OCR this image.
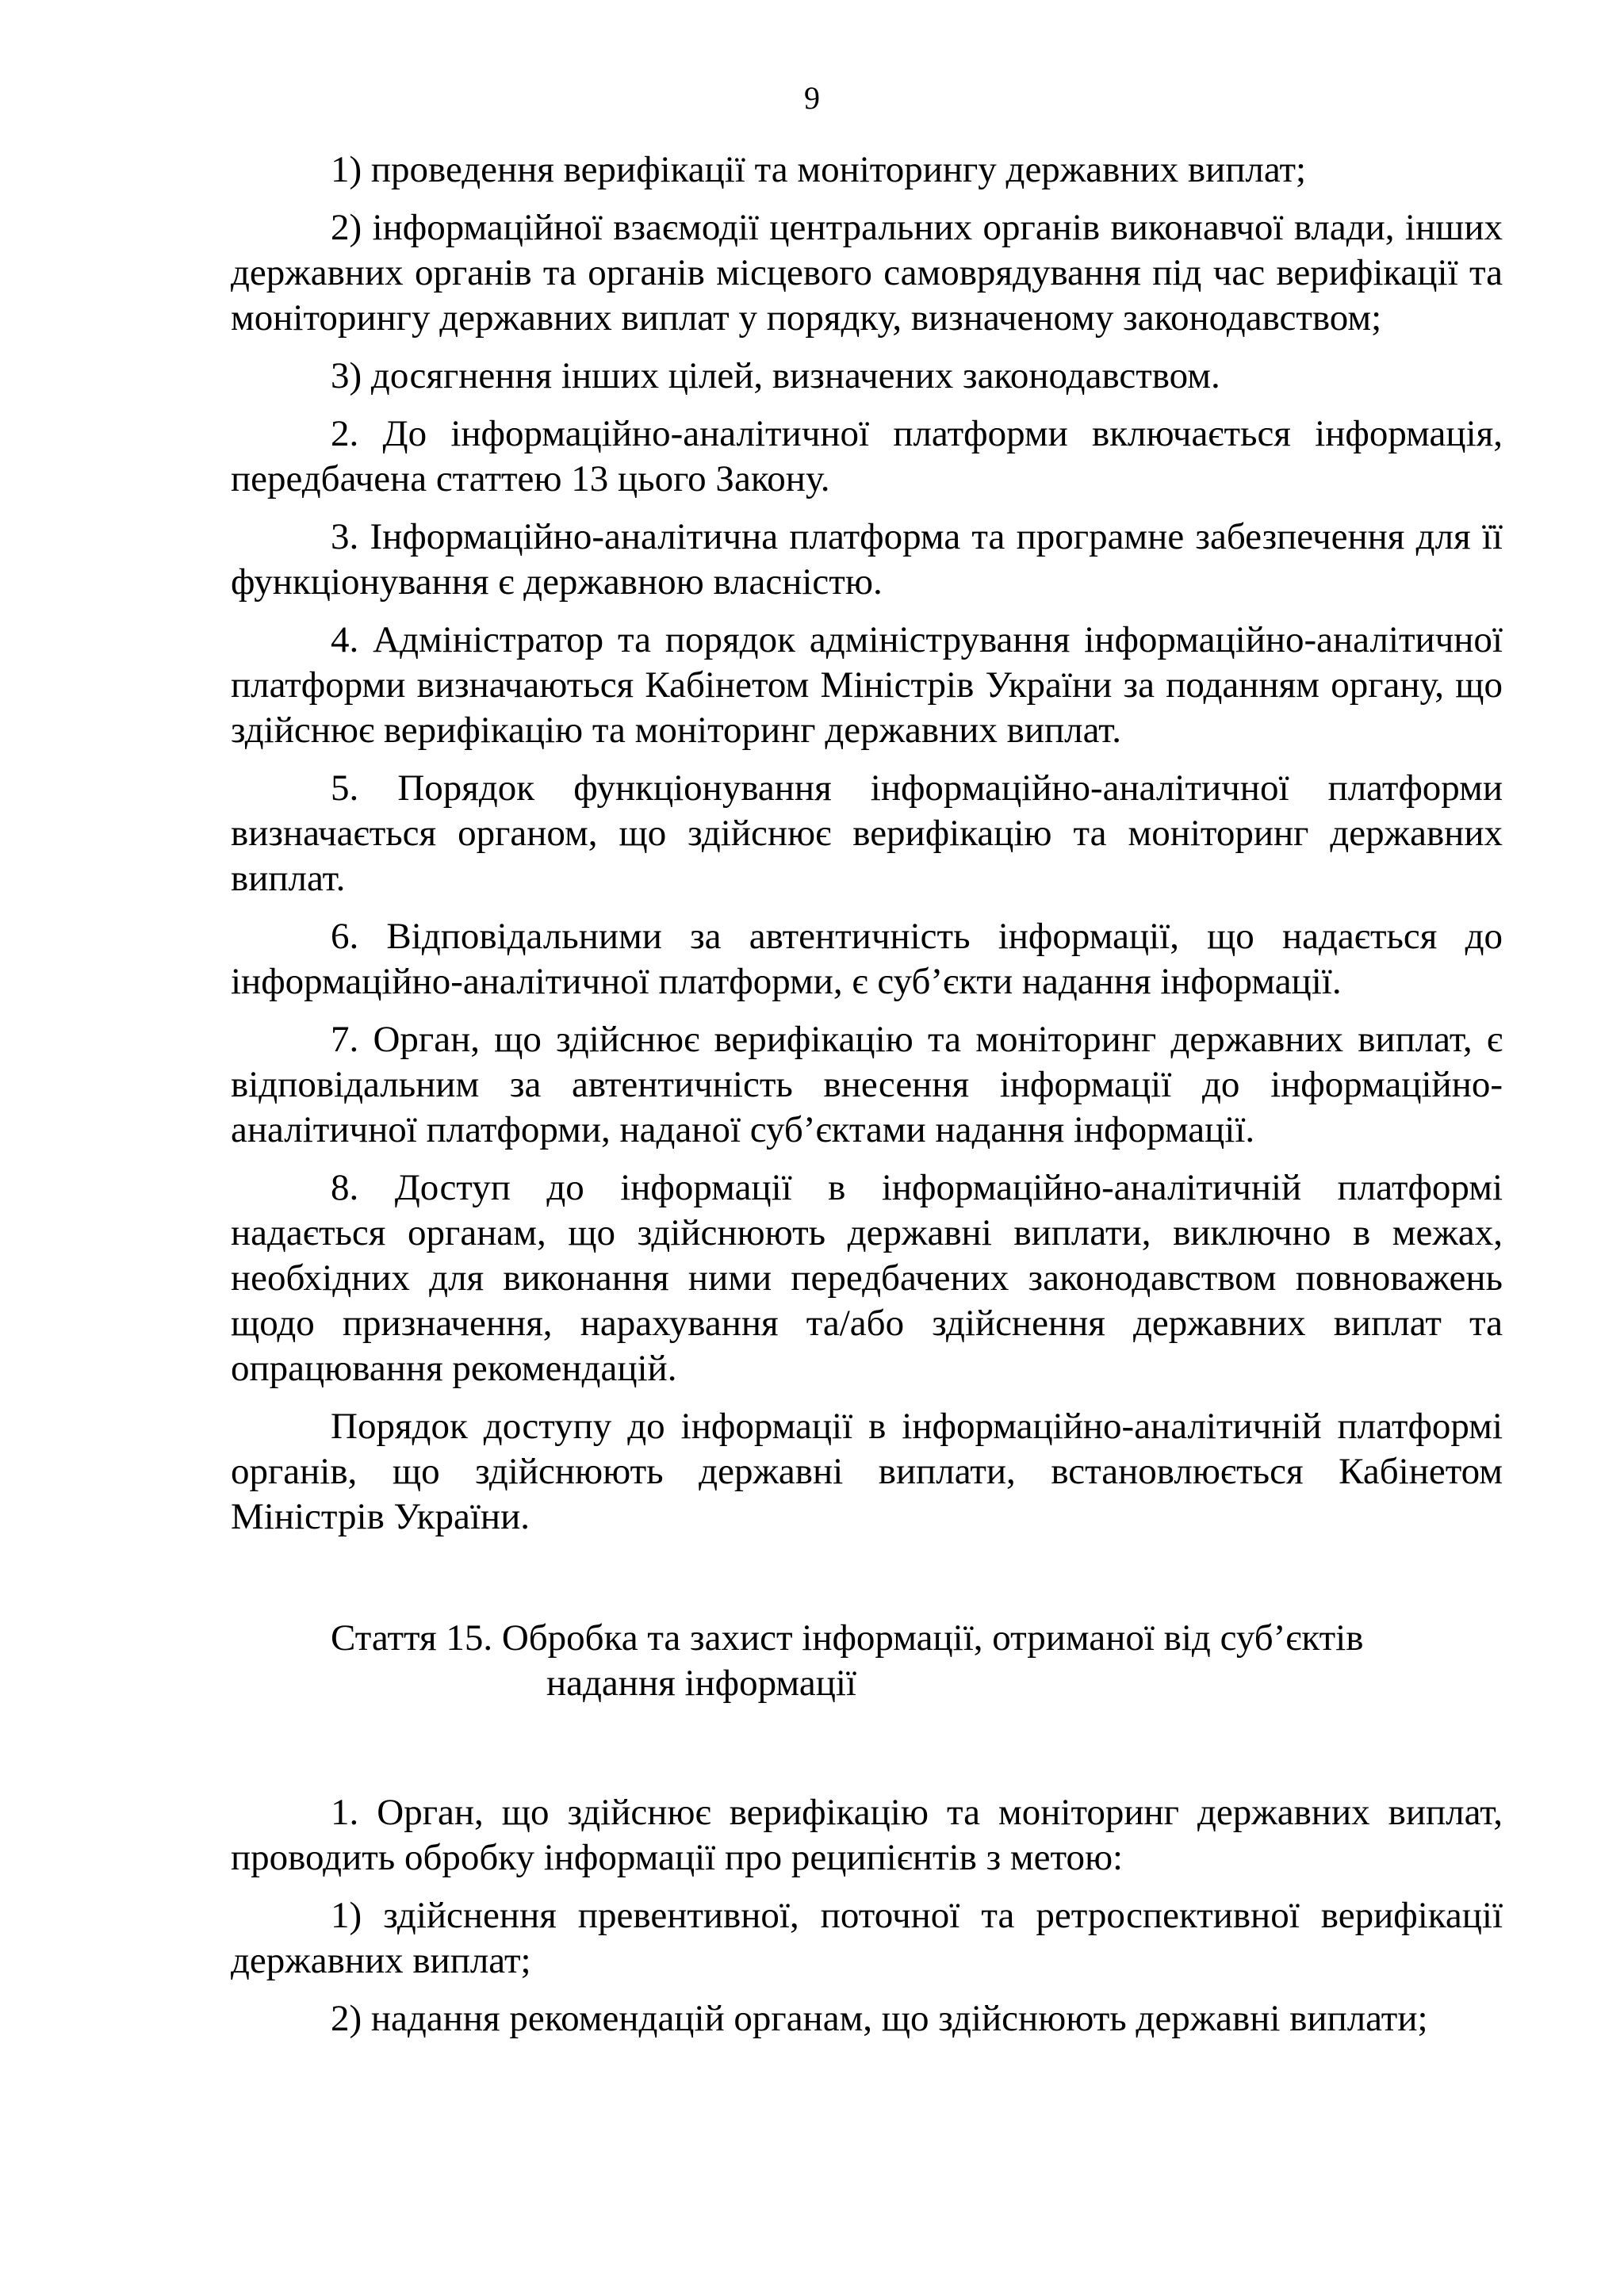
9

1) проведення верифікації та моніторингу державних виплат;

2) інформаційної взаємодії центральних органів виконавчої влади, інших державних органів та органів місцевого самоврядування під час верифікації та моніторингу державних виплат у порядку, визначеному законодавством;

3) досягнення інших цілей, визначених законодавством.

2. До інформаційно-аналітичної платформи включається інформація, передбачена статтею 13 цього Закону.

3. Інформаційно-аналітична платформа та програмне забезпечення для її функціонування є державною власністю.

4. Адміністратор та порядок адміністрування інформаційно-аналітичної платформи визначаються Кабінетом Міністрів України за поданням органу, що здійснює верифікацію та моніторинг державних виплат.

5. Порядок функціонування інформаційно-аналітичної платформи визначається органом, що здійснює верифікацію та моніторинг державних виплат.

6. Відповідальними за автентичність інформації, що надається до інформаційно-аналітичної платформи, є суб’єкти надання інформації.

7. Орган, що здійснює верифікацію та моніторинг державних виплат, є відповідальним за автентичність внесення інформації до інформаційно-аналітичної платформи, наданої суб’єктами надання інформації.

8. Доступ до інформації в інформаційно-аналітичній платформі надається органам, що здійснюють державні виплати, виключно в межах, необхідних для виконання ними передбачених законодавством повноважень щодо призначення, нарахування та/або здійснення державних виплат та опрацювання рекомендацій.

Порядок доступу до інформації в інформаційно-аналітичній платформі органів, що здійснюють державні виплати, встановлюється Кабінетом Міністрів України.

Стаття 15. Обробка та захист інформації, отриманої від суб’єктів
надання інформації

1. Орган, що здійснює верифікацію та моніторинг державних виплат, проводить обробку інформації про реципієнтів з метою:

1) здійснення превентивної, поточної та ретроспективної верифікації державних виплат;

2) надання рекомендацій органам, що здійснюють державні виплати;
